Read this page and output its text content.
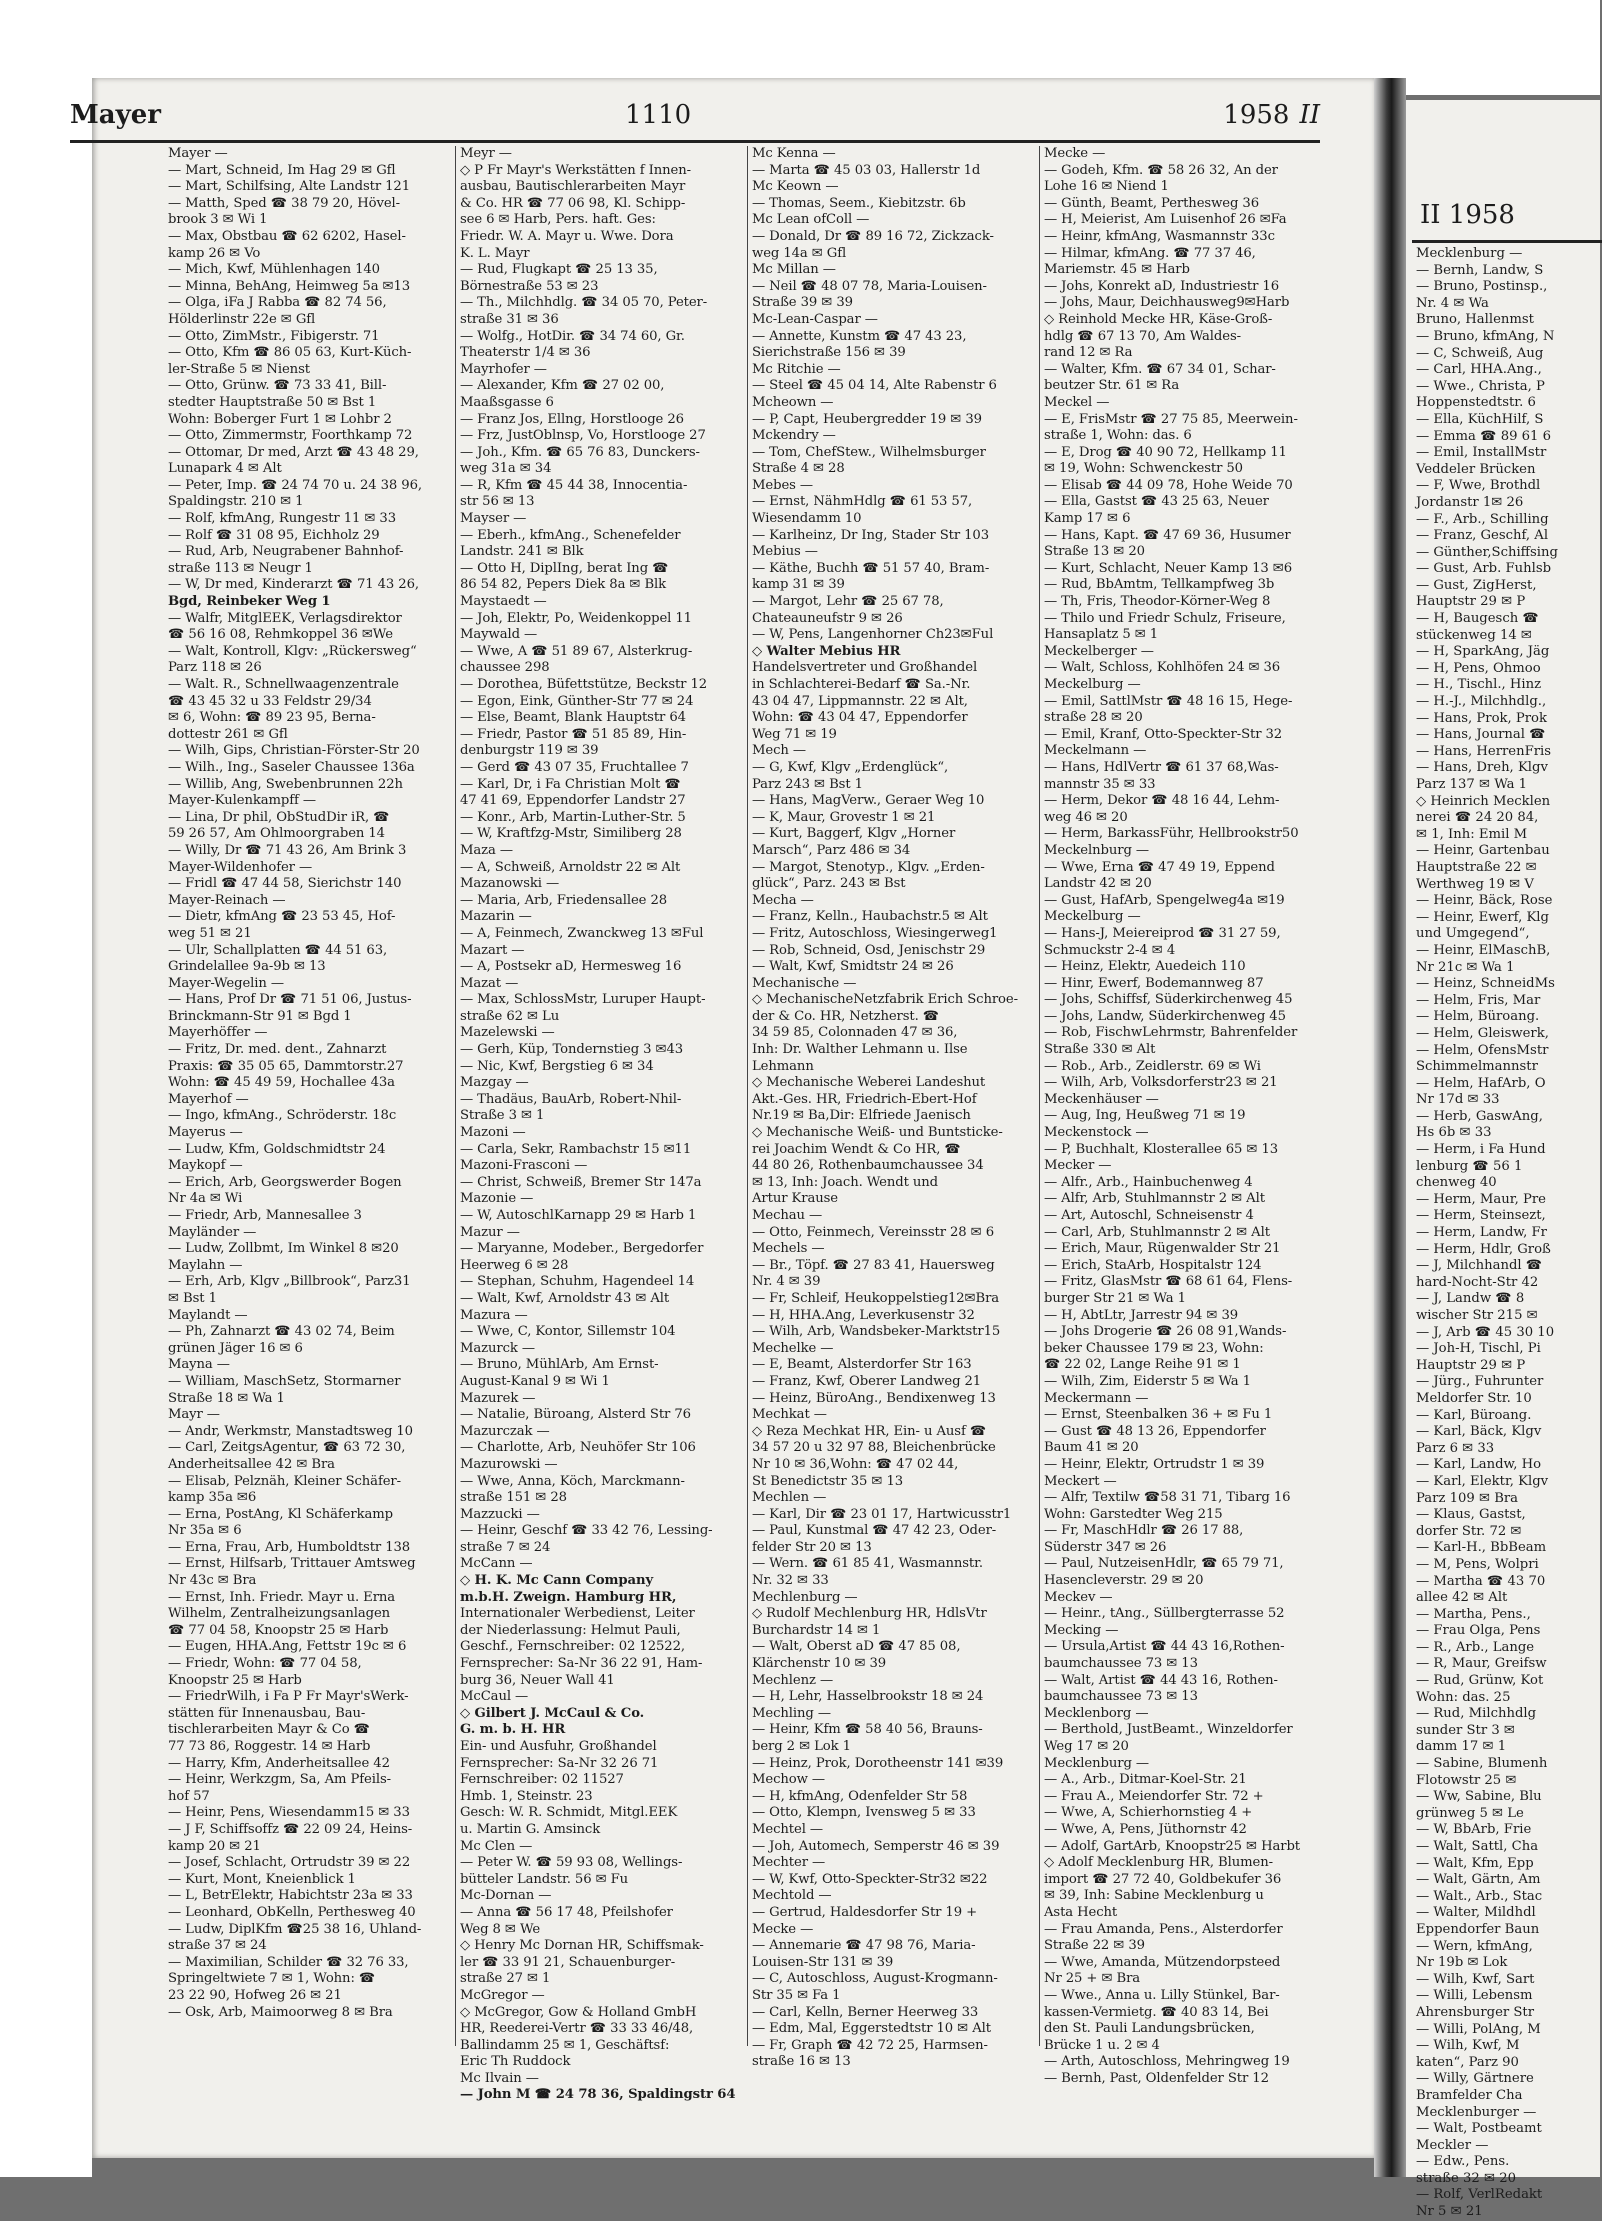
II 1958
Mecklenburg —
— Bernh, Landw, S
— Bruno, Postinsp.,
Nr. 4 ✉ Wa
Bruno, Hallenmst
— Bruno, kfmAng, N
— C, Schweiß, Aug
— Carl, HHA.Ang.,
— Wwe., Christa, P
Hoppenstedtstr. 6
— Ella, KüchHilf, S
— Emma ☎ 89 61 6
— Emil, InstallMstr
Veddeler Brücken
— F, Wwe, Brothdl
Jordanstr 1✉ 26
— F., Arb., Schilling
— Franz, Geschf, Al
— Günther,Schiffsing
— Gust, Arb. Fuhlsb
— Gust, ZigHerst,
Hauptstr 29 ✉ P
— H, Baugesch ☎
stückenweg 14 ✉
— H, SparkAng, Jäg
— H, Pens, Ohmoo
— H., Tischl., Hinz
— H.-J., Milchhdlg.,
— Hans, Prok, Prok
— Hans, Journal ☎
— Hans, HerrenFris
— Hans, Dreh, Klgv
Parz 137 ✉ Wa 1
◇ Heinrich Mecklen
nerei ☎ 24 20 84,
✉ 1, Inh: Emil M
— Heinr, Gartenbau
Hauptstraße 22 ✉
Werthweg 19 ✉ V
— Heinr, Bäck, Rose
— Heinr, Ewerf, Klg
und Umgegend“,
— Heinr, ElMaschB,
Nr 21c ✉ Wa 1
— Heinz, SchneidMs
— Helm, Fris, Mar
— Helm, Büroang.
— Helm, Gleiswerk,
— Helm, OfensMstr
Schimmelmannstr
— Helm, HafArb, O
Nr 17d ✉ 33
— Herb, GaswAng,
Hs 6b ✉ 33
— Herm, i Fa Hund
lenburg ☎ 56 1
chenweg 40
— Herm, Maur, Pre
— Herm, Steinsezt,
— Herm, Landw, Fr
— Herm, Hdlr, Groß
— J, Milchhandl ☎
hard-Nocht-Str 42
— J, Landw ☎ 8
wischer Str 215 ✉
— J, Arb ☎ 45 30 10
— Joh-H, Tischl, Pi
Hauptstr 29 ✉ P
— Jürg., Fuhrunter
Meldorfer Str. 10
— Karl, Büroang.
— Karl, Bäck, Klgv
Parz 6 ✉ 33
— Karl, Landw, Ho
— Karl, Elektr, Klgv
Parz 109 ✉ Bra
— Klaus, Gastst,
dorfer Str. 72 ✉
— Karl-H., BbBeam
— M, Pens, Wolpri
— Martha ☎ 43 70
allee 42 ✉ Alt
— Martha, Pens.,
— Frau Olga, Pens
— R., Arb., Lange
— R, Maur, Greifsw
— Rud, Grünw, Kot
Wohn: das. 25
— Rud, Milchhdlg
sunder Str 3 ✉
damm 17 ✉ 1
— Sabine, Blumenh
Flotowstr 25 ✉
— Ww, Sabine, Blu
grünweg 5 ✉ Le
— W, BbArb, Frie
— Walt, Sattl, Cha
— Walt, Kfm, Epp
— Walt, Gärtn, Am
— Walt., Arb., Stac
— Walter, Mildhdl
Eppendorfer Baun
— Wern, kfmAng,
Nr 19b ✉ Lok
— Wilh, Kwf, Sart
— Willi, Lebensm
Ahrensburger Str
— Willi, PolAng, M
— Wilh, Kwf, M
katen“, Parz 90
— Willy, Gärtnere
Bramfelder Cha
Mecklenburger —
— Walt, Postbeamt
Meckler —
— Edw., Pens.
straße 32 ✉ 20
— Rolf, VerlRedakt
Nr 5 ✉ 21
Mayer	1110	1958 II
Mayer —
— Mart, Schneid, Im Hag 29 ✉ Gfl
— Mart, Schilfsing, Alte Landstr 121
— Matth, Sped ☎ 38 79 20, Hövel-
brook 3 ✉ Wi 1
— Max, Obstbau ☎ 62 6202, Hasel-
kamp 26 ✉ Vo
— Mich, Kwf, Mühlenhagen 140
— Minna, BehAng, Heimweg 5a ✉13
— Olga, iFa J Rabba ☎ 82 74 56,
Hölderlinstr 22e ✉ Gfl
— Otto, ZimMstr., Fibigerstr. 71
— Otto, Kfm ☎ 86 05 63, Kurt-Küch-
ler-Straße 5 ✉ Nienst
— Otto, Grünw. ☎ 73 33 41, Bill-
stedter Hauptstraße 50 ✉ Bst 1
Wohn: Boberger Furt 1 ✉ Lohbr 2
— Otto, Zimmermstr, Foorthkamp 72
— Ottomar, Dr med, Arzt ☎ 43 48 29,
Lunapark 4 ✉ Alt
— Peter, Imp. ☎ 24 74 70 u. 24 38 96,
Spaldingstr. 210 ✉ 1
— Rolf, kfmAng, Rungestr 11 ✉ 33
— Rolf ☎ 31 08 95, Eichholz 29
— Rud, Arb, Neugrabener Bahnhof-
straße 113 ✉ Neugr 1
— W, Dr med, Kinderarzt ☎ 71 43 26,
Bgd, Reinbeker Weg 1
— Walfr, MitglEEK, Verlagsdirektor
☎ 56 16 08, Rehmkoppel 36 ✉We
— Walt, Kontroll, Klgv: „Rückersweg“
Parz 118 ✉ 26
— Walt. R., Schnellwaagenzentrale
☎ 43 45 32 u 33 Feldstr 29/34
✉ 6, Wohn: ☎ 89 23 95, Berna-
dottestr 261 ✉ Gfl
— Wilh, Gips, Christian-Förster-Str 20
— Wilh., Ing., Saseler Chaussee 136a
— Willib, Ang, Swebenbrunnen 22h
Mayer-Kulenkampff —
— Lina, Dr phil, ObStudDir iR, ☎
59 26 57, Am Ohlmoorgraben 14
— Willy, Dr ☎ 71 43 26, Am Brink 3
Mayer-Wildenhofer —
— Fridl ☎ 47 44 58, Sierichstr 140
Mayer-Reinach —
— Dietr, kfmAng ☎ 23 53 45, Hof-
weg 51 ✉ 21
— Ulr, Schallplatten ☎ 44 51 63,
Grindelallee 9a-9b ✉ 13
Mayer-Wegelin —
— Hans, Prof Dr ☎ 71 51 06, Justus-
Brinckmann-Str 91 ✉ Bgd 1
Mayerhöffer —
— Fritz, Dr. med. dent., Zahnarzt
Praxis: ☎ 35 05 65, Dammtorstr.27
Wohn: ☎ 45 49 59, Hochallee 43a
Mayerhof —
— Ingo, kfmAng., Schröderstr. 18c
Mayerus —
— Ludw, Kfm, Goldschmidtstr 24
Maykopf —
— Erich, Arb, Georgswerder Bogen
Nr 4a ✉ Wi
— Friedr, Arb, Mannesallee 3
Mayländer —
— Ludw, Zollbmt, Im Winkel 8 ✉20
Maylahn —
— Erh, Arb, Klgv „Billbrook“, Parz31
✉ Bst 1
Maylandt —
— Ph, Zahnarzt ☎ 43 02 74, Beim
grünen Jäger 16 ✉ 6
Mayna —
— William, MaschSetz, Stormarner
Straße 18 ✉ Wa 1
Mayr —
— Andr, Werkmstr, Manstadtsweg 10
— Carl, ZeitgsAgentur, ☎ 63 72 30,
Anderheitsallee 42 ✉ Bra
— Elisab, Pelznäh, Kleiner Schäfer-
kamp 35a ✉6
— Erna, PostAng, Kl Schäferkamp
Nr 35a ✉ 6
— Erna, Frau, Arb, Humboldtstr 138
— Ernst, Hilfsarb, Trittauer Amtsweg
Nr 43c ✉ Bra
— Ernst, Inh. Friedr. Mayr u. Erna
Wilhelm, Zentralheizungsanlagen
☎ 77 04 58, Knoopstr 25 ✉ Harb
— Eugen, HHA.Ang, Fettstr 19c ✉ 6
— Friedr, Wohn: ☎ 77 04 58,
Knoopstr 25 ✉ Harb
— FriedrWilh, i Fa P Fr Mayr'sWerk-
stätten für Innenausbau, Bau-
tischlerarbeiten Mayr & Co ☎
77 73 86, Roggestr. 14 ✉ Harb
— Harry, Kfm, Anderheitsallee 42
— Heinr, Werkzgm, Sa, Am Pfeils-
hof 57
— Heinr, Pens, Wiesendamm15 ✉ 33
— J F, Schiffsoffz ☎ 22 09 24, Heins-
kamp 20 ✉ 21
— Josef, Schlacht, Ortrudstr 39 ✉ 22
— Kurt, Mont, Kneienblick 1
— L, BetrElektr, Habichtstr 23a ✉ 33
— Leonhard, ObKelln, Perthesweg 40
— Ludw, DiplKfm ☎25 38 16, Uhland-
straße 37 ✉ 24
— Maximilian, Schilder ☎ 32 76 33,
Springeltwiete 7 ✉ 1, Wohn: ☎
23 22 90, Hofweg 26 ✉ 21
— Osk, Arb, Maimoorweg 8 ✉ Bra
Meyr —
◇ P Fr Mayr's Werkstätten f Innen-
ausbau, Bautischlerarbeiten Mayr
& Co. HR ☎ 77 06 98, Kl. Schipp-
see 6 ✉ Harb, Pers. haft. Ges:
Friedr. W. A. Mayr u. Wwe. Dora
K. L. Mayr
— Rud, Flugkapt ☎ 25 13 35,
Börnestraße 53 ✉ 23
— Th., Milchhdlg. ☎ 34 05 70, Peter-
straße 31 ✉ 36
— Wolfg., HotDir. ☎ 34 74 60, Gr.
Theaterstr 1/4 ✉ 36
Mayrhofer —
— Alexander, Kfm ☎ 27 02 00,
Maaßsgasse 6
— Franz Jos, Ellng, Horstlooge 26
— Frz, JustOblnsp, Vo, Horstlooge 27
— Joh., Kfm. ☎ 65 76 83, Dunckers-
weg 31a ✉ 34
— R, Kfm ☎ 45 44 38, Innocentia-
str 56 ✉ 13
Mayser —
— Eberh., kfmAng., Schenefelder
Landstr. 241 ✉ Blk
— Otto H, DiplIng, berat Ing ☎
86 54 82, Pepers Diek 8a ✉ Blk
Maystaedt —
— Joh, Elektr, Po, Weidenkoppel 11
Maywald —
— Wwe, A ☎ 51 89 67, Alsterkrug-
chaussee 298
— Dorothea, Büfettstütze, Beckstr 12
— Egon, Eink, Günther-Str 77 ✉ 24
— Else, Beamt, Blank Hauptstr 64
— Friedr, Pastor ☎ 51 85 89, Hin-
denburgstr 119 ✉ 39
— Gerd ☎ 43 07 35, Fruchtallee 7
— Karl, Dr, i Fa Christian Molt ☎
47 41 69, Eppendorfer Landstr 27
— Konr., Arb, Martin-Luther-Str. 5
— W, Kraftfzg-Mstr, Similiberg 28
Maza —
— A, Schweiß, Arnoldstr 22 ✉ Alt
Mazanowski —
— Maria, Arb, Friedensallee 28
Mazarin —
— A, Feinmech, Zwanckweg 13 ✉Ful
Mazart —
— A, Postsekr aD, Hermesweg 16
Mazat —
— Max, SchlossMstr, Luruper Haupt-
straße 62 ✉ Lu
Mazelewski —
— Gerh, Küp, Tondernstieg 3 ✉43
— Nic, Kwf, Bergstieg 6 ✉ 34
Mazgay —
— Thadäus, BauArb, Robert-Nhil-
Straße 3 ✉ 1
Mazoni —
— Carla, Sekr, Rambachstr 15 ✉11
Mazoni-Frasconi —
— Christ, Schweiß, Bremer Str 147a
Mazonie —
— W, AutoschlKarnapp 29 ✉ Harb 1
Mazur —
— Maryanne, Modeber., Bergedorfer
Heerweg 6 ✉ 28
— Stephan, Schuhm, Hagendeel 14
— Walt, Kwf, Arnoldstr 43 ✉ Alt
Mazura —
— Wwe, C, Kontor, Sillemstr 104
Mazurck —
— Bruno, MühlArb, Am Ernst-
August-Kanal 9 ✉ Wi 1
Mazurek —
— Natalie, Büroang, Alsterd Str 76
Mazurczak —
— Charlotte, Arb, Neuhöfer Str 106
Mazurowski —
— Wwe, Anna, Köch, Marckmann-
straße 151 ✉ 28
Mazzucki —
— Heinr, Geschf ☎ 33 42 76, Lessing-
straße 7 ✉ 24
McCann —
◇ H. K. Mc Cann Company
m.b.H. Zweign. Hamburg HR,
Internationaler Werbedienst, Leiter
der Niederlassung: Helmut Pauli,
Geschf., Fernschreiber: 02 12522,
Fernsprecher: Sa-Nr 36 22 91, Ham-
burg 36, Neuer Wall 41
McCaul —
◇ Gilbert J. McCaul & Co.
G. m. b. H. HR
Ein- und Ausfuhr, Großhandel
Fernsprecher: Sa-Nr 32 26 71
Fernschreiber: 02 11527
Hmb. 1, Steinstr. 23
Gesch: W. R. Schmidt, Mitgl.EEK
u. Martin G. Amsinck
Mc Clen —
— Peter W. ☎ 59 93 08, Wellings-
bütteler Landstr. 56 ✉ Fu
Mc-Dornan —
— Anna ☎ 56 17 48, Pfeilshofer
Weg 8 ✉ We
◇ Henry Mc Dornan HR, Schiffsmak-
ler ☎ 33 91 21, Schauenburger-
straße 27 ✉ 1
McGregor —
◇ McGregor, Gow & Holland GmbH
HR, Reederei-Vertr ☎ 33 33 46/48,
Ballindamm 25 ✉ 1, Geschäftsf:
Eric Th Ruddock
Mc Ilvain —
— John M ☎ 24 78 36, Spaldingstr 64
Mc Kenna —
— Marta ☎ 45 03 03, Hallerstr 1d
Mc Keown —
— Thomas, Seem., Kiebitzstr. 6b
Mc Lean ofColl —
— Donald, Dr ☎ 89 16 72, Zickzack-
weg 14a ✉ Gfl
Mc Millan —
— Neil ☎ 48 07 78, Maria-Louisen-
Straße 39 ✉ 39
Mc-Lean-Caspar —
— Annette, Kunstm ☎ 47 43 23,
Sierichstraße 156 ✉ 39
Mc Ritchie —
— Steel ☎ 45 04 14, Alte Rabenstr 6
Mcheown —
— P, Capt, Heubergredder 19 ✉ 39
Mckendry —
— Tom, ChefStew., Wilhelmsburger
Straße 4 ✉ 28
Mebes —
— Ernst, NähmHdlg ☎ 61 53 57,
Wiesendamm 10
— Karlheinz, Dr Ing, Stader Str 103
Mebius —
— Käthe, Buchh ☎ 51 57 40, Bram-
kamp 31 ✉ 39
— Margot, Lehr ☎ 25 67 78,
Chateauneufstr 9 ✉ 26
— W, Pens, Langenhorner Ch23✉Ful
◇ Walter Mebius HR
Handelsvertreter und Großhandel
in Schlachterei-Bedarf ☎ Sa.-Nr.
43 04 47, Lippmannstr. 22 ✉ Alt,
Wohn: ☎ 43 04 47, Eppendorfer
Weg 71 ✉ 19
Mech —
— G, Kwf, Klgv „Erdenglück“,
Parz 243 ✉ Bst 1
— Hans, MagVerw., Geraer Weg 10
— K, Maur, Grovestr 1 ✉ 21
— Kurt, Baggerf, Klgv „Horner
Marsch“, Parz 486 ✉ 34
— Margot, Stenotyp., Klgv. „Erden-
glück“, Parz. 243 ✉ Bst
Mecha —
— Franz, Kelln., Haubachstr.5 ✉ Alt
— Fritz, Autoschloss, Wiesingerweg1
— Rob, Schneid, Osd, Jenischstr 29
— Walt, Kwf, Smidtstr 24 ✉ 26
Mechanische —
◇ MechanischeNetzfabrik Erich Schroe-
der & Co. HR, Netzherst. ☎
34 59 85, Colonnaden 47 ✉ 36,
Inh: Dr. Walther Lehmann u. Ilse
Lehmann
◇ Mechanische Weberei Landeshut
Akt.-Ges. HR, Friedrich-Ebert-Hof
Nr.19 ✉ Ba,Dir: Elfriede Jaenisch
◇ Mechanische Weiß- und Buntsticke-
rei Joachim Wendt & Co HR, ☎
44 80 26, Rothenbaumchaussee 34
✉ 13, Inh: Joach. Wendt und
Artur Krause
Mechau —
— Otto, Feinmech, Vereinsstr 28 ✉ 6
Mechels —
— Br., Töpf. ☎ 27 83 41, Hauersweg
Nr. 4 ✉ 39
— Fr, Schleif, Heukoppelstieg12✉Bra
— H, HHA.Ang, Leverkusenstr 32
— Wilh, Arb, Wandsbeker-Marktstr15
Mechelke —
— E, Beamt, Alsterdorfer Str 163
— Franz, Kwf, Oberer Landweg 21
— Heinz, BüroAng., Bendixenweg 13
Mechkat —
◇ Reza Mechkat HR, Ein- u Ausf ☎
34 57 20 u 32 97 88, Bleichenbrücke
Nr 10 ✉ 36,Wohn: ☎ 47 02 44,
St Benedictstr 35 ✉ 13
Mechlen —
— Karl, Dir ☎ 23 01 17, Hartwicusstr1
— Paul, Kunstmal ☎ 47 42 23, Oder-
felder Str 20 ✉ 13
— Wern. ☎ 61 85 41, Wasmannstr.
Nr. 32 ✉ 33
Mechlenburg —
◇ Rudolf Mechlenburg HR, HdlsVtr
Burchardstr 14 ✉ 1
— Walt, Oberst aD ☎ 47 85 08,
Klärchenstr 10 ✉ 39
Mechlenz —
— H, Lehr, Hasselbrookstr 18 ✉ 24
Mechling —
— Heinr, Kfm ☎ 58 40 56, Brauns-
berg 2 ✉ Lok 1
— Heinz, Prok, Dorotheenstr 141 ✉39
Mechow —
— H, kfmAng, Odenfelder Str 58
— Otto, Klempn, Ivensweg 5 ✉ 33
Mechtel —
— Joh, Automech, Semperstr 46 ✉ 39
Mechter —
— W, Kwf, Otto-Speckter-Str32 ✉22
Mechtold —
— Gertrud, Haldesdorfer Str 19 +
Mecke —
— Annemarie ☎ 47 98 76, Maria-
Louisen-Str 131 ✉ 39
— C, Autoschloss, August-Krogmann-
Str 35 ✉ Fa 1
— Carl, Kelln, Berner Heerweg 33
— Edm, Mal, Eggerstedtstr 10 ✉ Alt
— Fr, Graph ☎ 42 72 25, Harmsen-
straße 16 ✉ 13
Mecke —
— Godeh, Kfm. ☎ 58 26 32, An der
Lohe 16 ✉ Niend 1
— Günth, Beamt, Perthesweg 36
— H, Meierist, Am Luisenhof 26 ✉Fa
— Heinr, kfmAng, Wasmannstr 33c
— Hilmar, kfmAng. ☎ 77 37 46,
Mariemstr. 45 ✉ Harb
— Johs, Konrekt aD, Industriestr 16
— Johs, Maur, Deichhausweg9✉Harb
◇ Reinhold Mecke HR, Käse-Groß-
hdlg ☎ 67 13 70, Am Waldes-
rand 12 ✉ Ra
— Walter, Kfm. ☎ 67 34 01, Schar-
beutzer Str. 61 ✉ Ra
Meckel —
— E, FrisMstr ☎ 27 75 85, Meerwein-
straße 1, Wohn: das. 6
— E, Drog ☎ 40 90 72, Hellkamp 11
✉ 19, Wohn: Schwenckestr 50
— Elisab ☎ 44 09 78, Hohe Weide 70
— Ella, Gastst ☎ 43 25 63, Neuer
Kamp 17 ✉ 6
— Hans, Kapt. ☎ 47 69 36, Husumer
Straße 13 ✉ 20
— Kurt, Schlacht, Neuer Kamp 13 ✉6
— Rud, BbAmtm, Tellkampfweg 3b
— Th, Fris, Theodor-Körner-Weg 8
— Thilo und Friedr Schulz, Friseure,
Hansaplatz 5 ✉ 1
Meckelberger —
— Walt, Schloss, Kohlhöfen 24 ✉ 36
Meckelburg —
— Emil, SattlMstr ☎ 48 16 15, Hege-
straße 28 ✉ 20
— Emil, Kranf, Otto-Speckter-Str 32
Meckelmann —
— Hans, HdlVertr ☎ 61 37 68,Was-
mannstr 35 ✉ 33
— Herm, Dekor ☎ 48 16 44, Lehm-
weg 46 ✉ 20
— Herm, BarkassFühr, Hellbrookstr50
Meckelnburg —
— Wwe, Erna ☎ 47 49 19, Eppend
Landstr 42 ✉ 20
— Gust, HafArb, Spengelweg4a ✉19
Meckelburg —
— Hans-J, Meiereiprod ☎ 31 27 59,
Schmuckstr 2-4 ✉ 4
— Heinz, Elektr, Auedeich 110
— Hinr, Ewerf, Bodemannweg 87
— Johs, Schiffsf, Süderkirchenweg 45
— Johs, Landw, Süderkirchenweg 45
— Rob, FischwLehrmstr, Bahrenfelder
Straße 330 ✉ Alt
— Rob., Arb., Zeidlerstr. 69 ✉ Wi
— Wilh, Arb, Volksdorferstr23 ✉ 21
Meckenhäuser —
— Aug, Ing, Heußweg 71 ✉ 19
Meckenstock —
— P, Buchhalt, Klosterallee 65 ✉ 13
Mecker —
— Alfr., Arb., Hainbuchenweg 4
— Alfr, Arb, Stuhlmannstr 2 ✉ Alt
— Art, Autoschl, Schneisenstr 4
— Carl, Arb, Stuhlmannstr 2 ✉ Alt
— Erich, Maur, Rügenwalder Str 21
— Erich, StaArb, Hospitalstr 124
— Fritz, GlasMstr ☎ 68 61 64, Flens-
burger Str 21 ✉ Wa 1
— H, AbtLtr, Jarrestr 94 ✉ 39
— Johs Drogerie ☎ 26 08 91,Wands-
beker Chaussee 179 ✉ 23, Wohn:
☎ 22 02, Lange Reihe 91 ✉ 1
— Wilh, Zim, Eiderstr 5 ✉ Wa 1
Meckermann —
— Ernst, Steenbalken 36 + ✉ Fu 1
— Gust ☎ 48 13 26, Eppendorfer
Baum 41 ✉ 20
— Heinr, Elektr, Ortrudstr 1 ✉ 39
Meckert —
— Alfr, Textilw ☎58 31 71, Tibarg 16
Wohn: Garstedter Weg 215
— Fr, MaschHdlr ☎ 26 17 88,
Süderstr 347 ✉ 26
— Paul, NutzeisenHdlr, ☎ 65 79 71,
Hasencleverstr. 29 ✉ 20
Meckev —
— Heinr., tAng., Süllbergterrasse 52
Mecking —
— Ursula,Artist ☎ 44 43 16,Rothen-
baumchaussee 73 ✉ 13
— Walt, Artist ☎ 44 43 16, Rothen-
baumchaussee 73 ✉ 13
Mecklenborg —
— Berthold, JustBeamt., Winzeldorfer
Weg 17 ✉ 20
Mecklenburg —
— A., Arb., Ditmar-Koel-Str. 21
— Frau A., Meiendorfer Str. 72 +
— Wwe, A, Schierhornstieg 4 +
— Wwe, A, Pens, Jüthornstr 42
— Adolf, GartArb, Knoopstr25 ✉ Harbt
◇ Adolf Mecklenburg HR, Blumen-
import ☎ 27 72 40, Goldbekufer 36
✉ 39, Inh: Sabine Mecklenburg u
Asta Hecht
— Frau Amanda, Pens., Alsterdorfer
Straße 22 ✉ 39
— Wwe, Amanda, Mützendorpsteed
Nr 25 + ✉ Bra
— Wwe., Anna u. Lilly Stünkel, Bar-
kassen-Vermietg. ☎ 40 83 14, Bei
den St. Pauli Landungsbrücken,
Brücke 1 u. 2 ✉ 4
— Arth, Autoschloss, Mehringweg 19
— Bernh, Past, Oldenfelder Str 12
